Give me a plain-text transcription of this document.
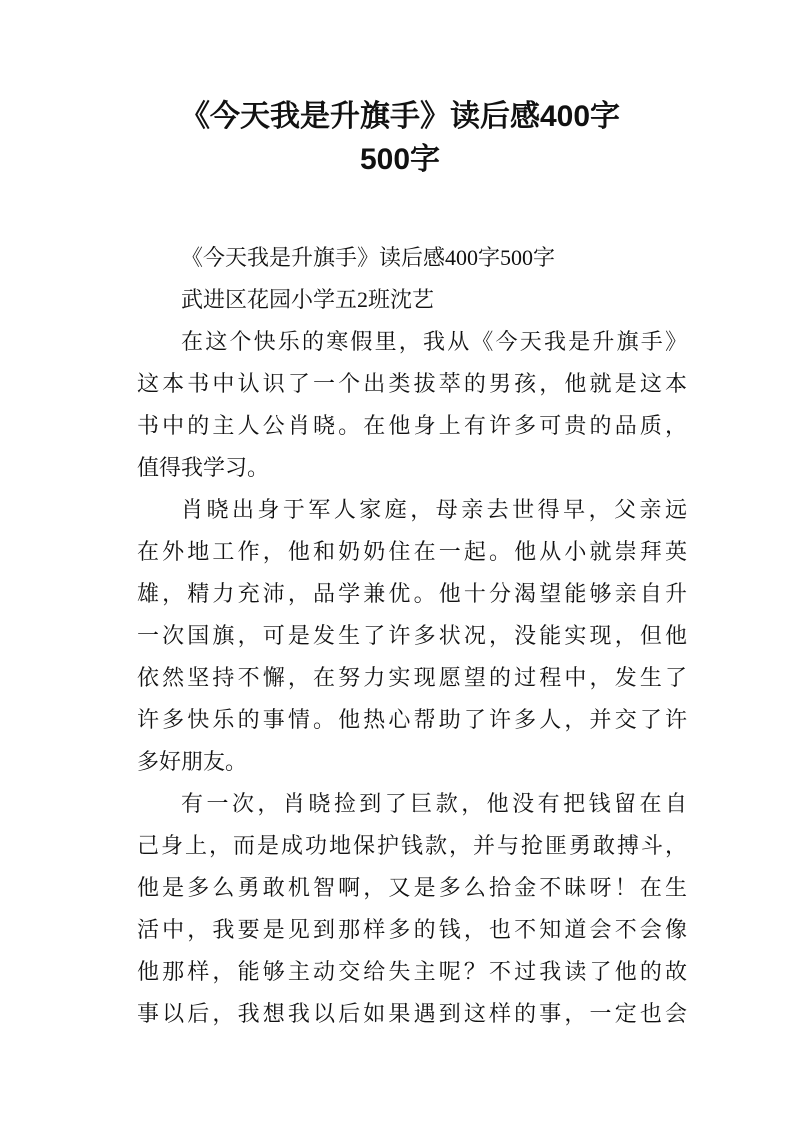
《今天我是升旗手》读后感400字
500字
《今天我是升旗手》读后感400字500字
武进区花园小学五2班沈艺
在这个快乐的寒假里，我从《今天我是升旗手》
这本书中认识了一个出类拔萃的男孩，他就是这本
书中的主人公肖晓。在他身上有许多可贵的品质，
值得我学习。
肖晓出身于军人家庭，母亲去世得早，父亲远
在外地工作，他和奶奶住在一起。他从小就崇拜英
雄，精力充沛，品学兼优。他十分渴望能够亲自升
一次国旗，可是发生了许多状况，没能实现，但他
依然坚持不懈，在努力实现愿望的过程中，发生了
许多快乐的事情。他热心帮助了许多人，并交了许
多好朋友。
有一次，肖晓捡到了巨款，他没有把钱留在自
己身上，而是成功地保护钱款，并与抢匪勇敢搏斗，
他是多么勇敢机智啊，又是多么拾金不昧呀！在生
活中，我要是见到那样多的钱，也不知道会不会像
他那样，能够主动交给失主呢？不过我读了他的故
事以后，我想我以后如果遇到这样的事，一定也会
